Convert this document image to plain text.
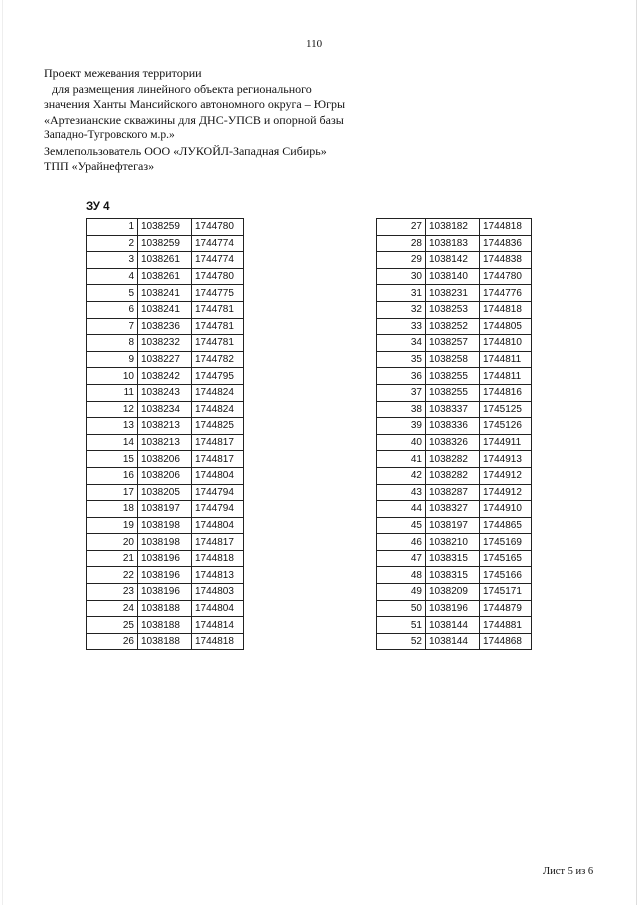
110
Проект межевания территории
для размещения линейного объекта регионального
значения Ханты Мансийского автономного округа – Югры
«Артезианские скважины для ДНС-УПСВ и опорной базы
Западно-Тугровского м.р.»
Землепользователь ООО «ЛУКОЙЛ-Западная Сибирь»
ТПП «Урайнефтегаз»
ЗУ 4
1	1038259	1744780
2	1038259	1744774
3	1038261	1744774
4	1038261	1744780
5	1038241	1744775
6	1038241	1744781
7	1038236	1744781
8	1038232	1744781
9	1038227	1744782
10	1038242	1744795
11	1038243	1744824
12	1038234	1744824
13	1038213	1744825
14	1038213	1744817
15	1038206	1744817
16	1038206	1744804
17	1038205	1744794
18	1038197	1744794
19	1038198	1744804
20	1038198	1744817
21	1038196	1744818
22	1038196	1744813
23	1038196	1744803
24	1038188	1744804
25	1038188	1744814
26	1038188	1744818
27	1038182	1744818
28	1038183	1744836
29	1038142	1744838
30	1038140	1744780
31	1038231	1744776
32	1038253	1744818
33	1038252	1744805
34	1038257	1744810
35	1038258	1744811
36	1038255	1744811
37	1038255	1744816
38	1038337	1745125
39	1038336	1745126
40	1038326	1744911
41	1038282	1744913
42	1038282	1744912
43	1038287	1744912
44	1038327	1744910
45	1038197	1744865
46	1038210	1745169
47	1038315	1745165
48	1038315	1745166
49	1038209	1745171
50	1038196	1744879
51	1038144	1744881
52	1038144	1744868
Лист 5 из 6
